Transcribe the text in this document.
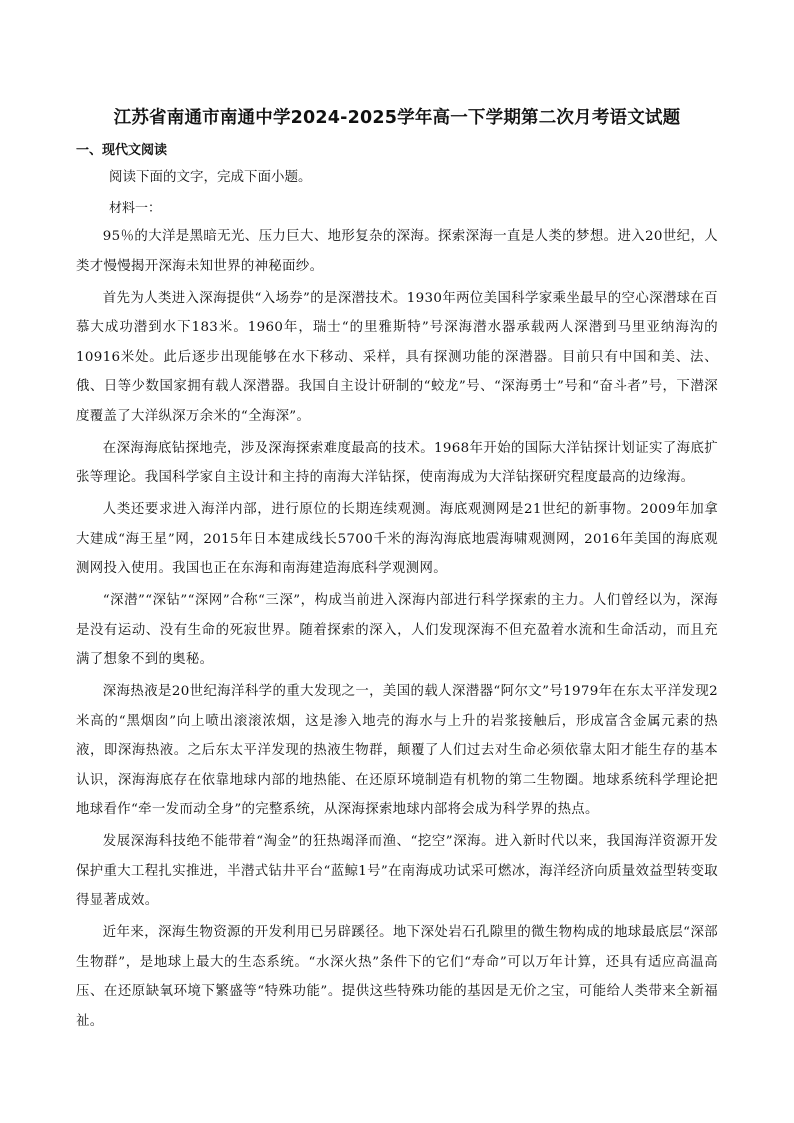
江苏省南通市南通中学2024-2025学年高一下学期第二次月考语文试题
一、现代文阅读
阅读下面的文字，完成下面小题。
材料一：

95％的大洋是黑暗无光、压力巨大、地形复杂的深海。探索深海一直是人类的梦想。进入20世纪，人类才慢慢揭开深海未知世界的神秘面纱。

首先为人类进入深海提供“入场券”的是深潜技术。1930年两位美国科学家乘坐最早的空心深潜球在百慕大成功潜到水下183米。1960年，瑞士“的里雅斯特”号深海潜水器承载两人深潜到马里亚纳海沟的10916米处。此后逐步出现能够在水下移动、采样，具有探测功能的深潜器。目前只有中国和美、法、俄、日等少数国家拥有载人深潜器。我国自主设计研制的“蛟龙”号、“深海勇士”号和“奋斗者”号，下潜深度覆盖了大洋纵深万余米的“全海深”。

在深海海底钻探地壳，涉及深海探索难度最高的技术。1968年开始的国际大洋钻探计划证实了海底扩张等理论。我国科学家自主设计和主持的南海大洋钻探，使南海成为大洋钻探研究程度最高的边缘海。

人类还要求进入海洋内部，进行原位的长期连续观测。海底观测网是21世纪的新事物。2009年加拿大建成“海王星”网，2015年日本建成线长5700千米的海沟海底地震海啸观测网，2016年美国的海底观测网投入使用。我国也正在东海和南海建造海底科学观测网。

“深潜”“深钻”“深网”合称“三深”，构成当前进入深海内部进行科学探索的主力。人们曾经以为，深海是没有运动、没有生命的死寂世界。随着探索的深入，人们发现深海不但充盈着水流和生命活动，而且充满了想象不到的奥秘。

深海热液是20世纪海洋科学的重大发现之一，美国的载人深潜器“阿尔文”号1979年在东太平洋发现2米高的“黑烟囱”向上喷出滚滚浓烟，这是渗入地壳的海水与上升的岩浆接触后，形成富含金属元素的热液，即深海热液。之后东太平洋发现的热液生物群，颠覆了人们过去对生命必须依靠太阳才能生存的基本认识，深海海底存在依靠地球内部的地热能、在还原环境制造有机物的第二生物圈。地球系统科学理论把地球看作“牵一发而动全身”的完整系统，从深海探索地球内部将会成为科学界的热点。

发展深海科技绝不能带着“淘金”的狂热竭泽而渔、“挖空”深海。进入新时代以来，我国海洋资源开发保护重大工程扎实推进，半潜式钻井平台“蓝鲸1号”在南海成功试采可燃冰，海洋经济向质量效益型转变取得显著成效。

近年来，深海生物资源的开发利用已另辟蹊径。地下深处岩石孔隙里的微生物构成的地球最底层“深部生物群”，是地球上最大的生态系统。“水深火热”条件下的它们“寿命”可以万年计算，还具有适应高温高压、在还原缺氧环境下繁盛等“特殊功能”。提供这些特殊功能的基因是无价之宝，可能给人类带来全新福祉。
